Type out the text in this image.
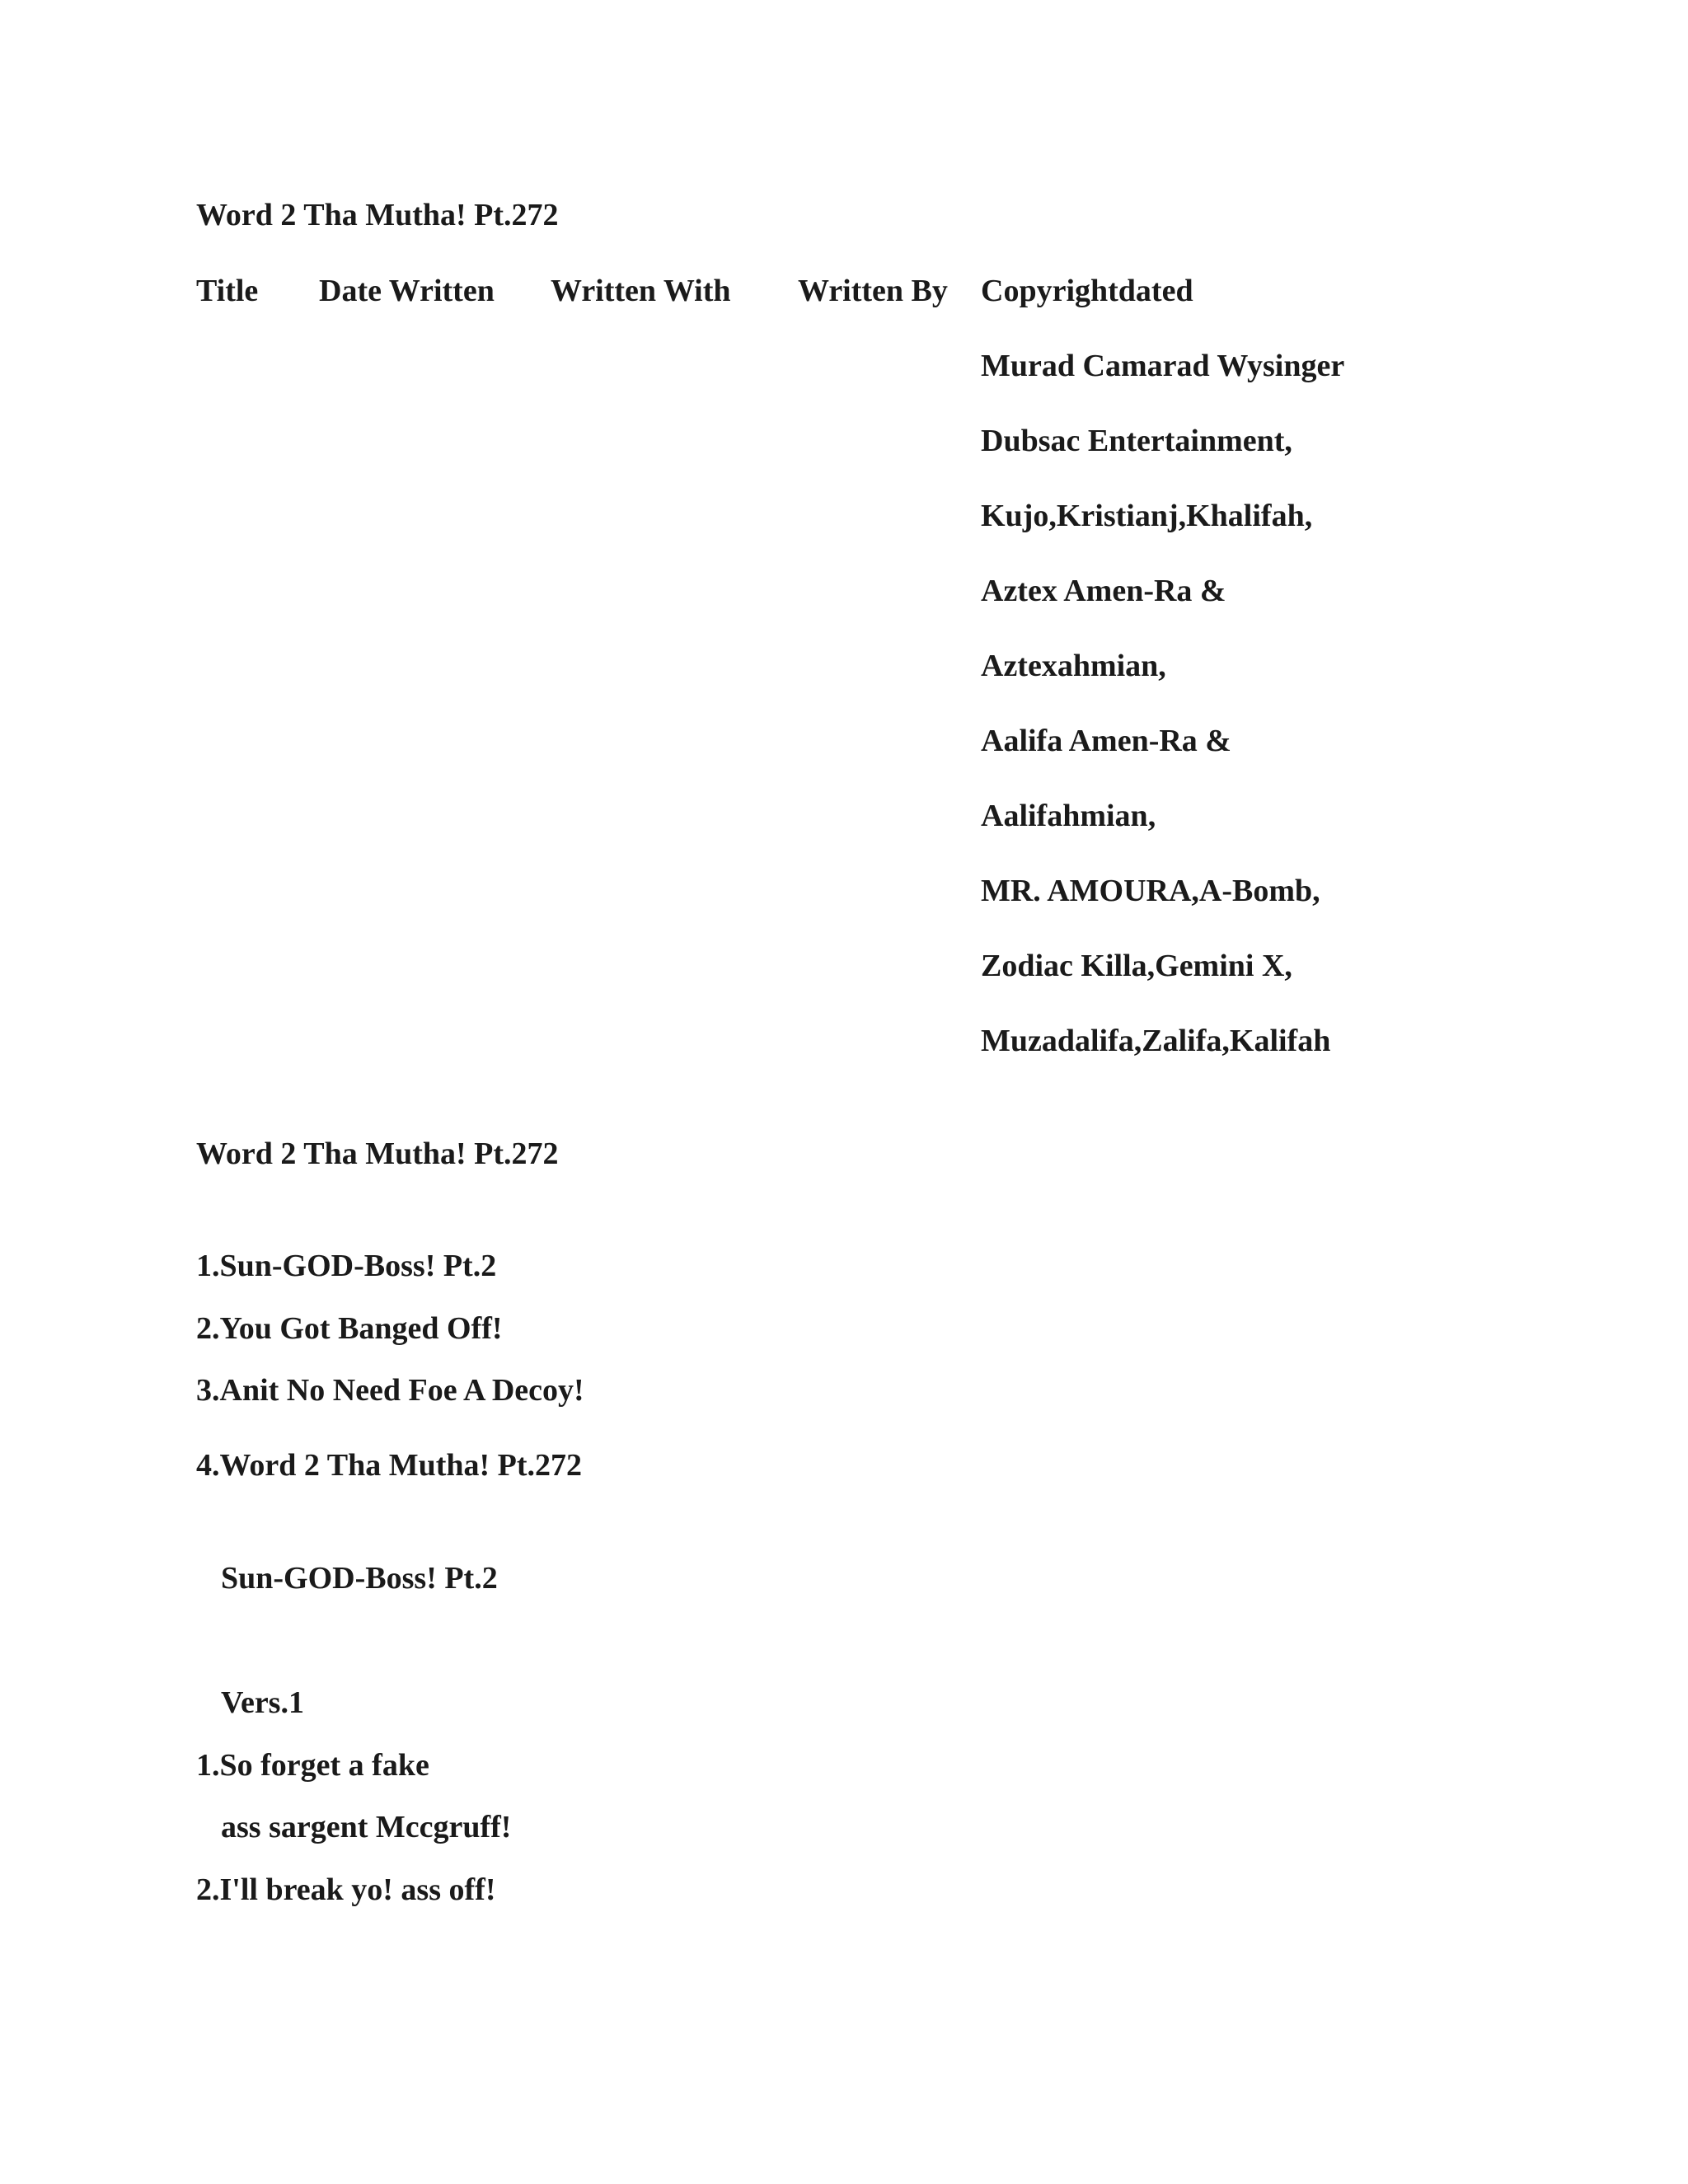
Word 2 Tha Mutha! Pt.272
Title Date Written Written With Written By Copyrightdated
Murad Camarad Wysinger
Dubsac Entertainment,
Kujo,Kristianj,Khalifah,
Aztex Amen-Ra &
Aztexahmian,
Aalifa Amen-Ra &
Aalifahmian,
MR. AMOURA,A-Bomb,
Zodiac Killa,Gemini X,
Muzadalifa,Zalifa,Kalifah
Word 2 Tha Mutha! Pt.272
1.Sun-GOD-Boss! Pt.2
2.You Got Banged Off!
3.Anit No Need Foe A Decoy!
4.Word 2 Tha Mutha! Pt.272
Sun-GOD-Boss! Pt.2
Vers.1
1.So forget a fake
ass sargent Mccgruff!
2.I'll break yo! ass off!
